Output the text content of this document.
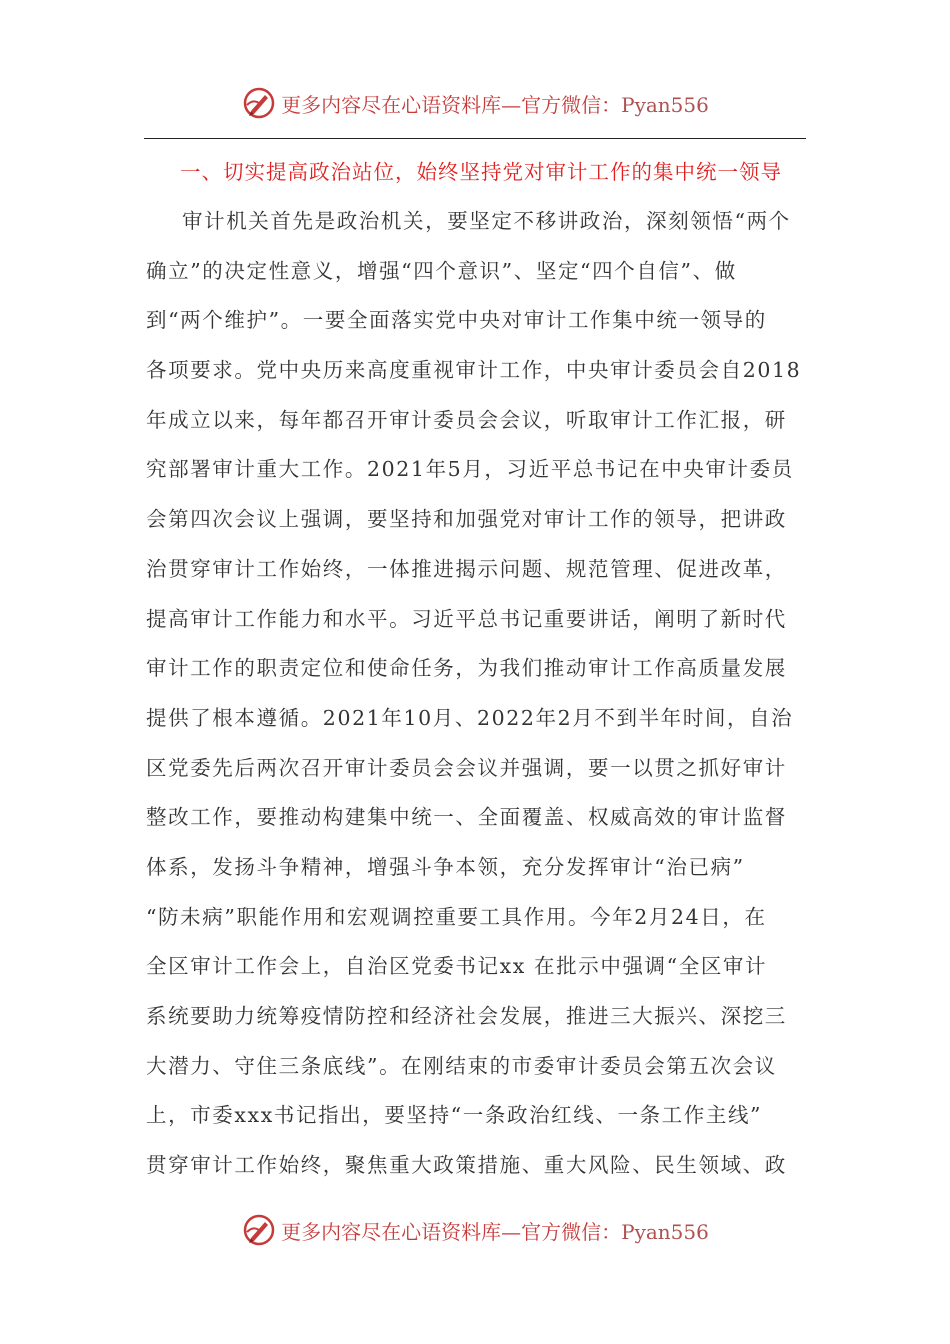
更多内容尽在心语资料库—官方微信：Pyan556
一、切实提高政治站位，始终坚持党对审计工作的集中统一领导
审计机关首先是政治机关，要坚定不移讲政治，深刻领悟“两个
确立”的决定性意义，增强“四个意识”、坚定“四个自信”、做
到“两个维护”。一要全面落实党中央对审计工作集中统一领导的
各项要求。党中央历来高度重视审计工作，中央审计委员会自2018
年成立以来，每年都召开审计委员会会议，听取审计工作汇报，研
究部署审计重大工作。2021年5月，习近平总书记在中央审计委员
会第四次会议上强调，要坚持和加强党对审计工作的领导，把讲政
治贯穿审计工作始终，一体推进揭示问题、规范管理、促进改革，
提高审计工作能力和水平。习近平总书记重要讲话，阐明了新时代
审计工作的职责定位和使命任务，为我们推动审计工作高质量发展
提供了根本遵循。2021年10月、2022年2月不到半年时间，自治
区党委先后两次召开审计委员会会议并强调，要一以贯之抓好审计
整改工作，要推动构建集中统一、全面覆盖、权威高效的审计监督
体系，发扬斗争精神，增强斗争本领，充分发挥审计“治已病”
“防未病”职能作用和宏观调控重要工具作用。今年2月24日，在
全区审计工作会上，自治区党委书记xx 在批示中强调“全区审计
系统要助力统筹疫情防控和经济社会发展，推进三大振兴、深挖三
大潜力、守住三条底线”。在刚结束的市委审计委员会第五次会议
上，市委xxx书记指出，要坚持“一条政治红线、一条工作主线”
贯穿审计工作始终，聚焦重大政策措施、重大风险、民生领域、政
更多内容尽在心语资料库—官方微信：Pyan556
